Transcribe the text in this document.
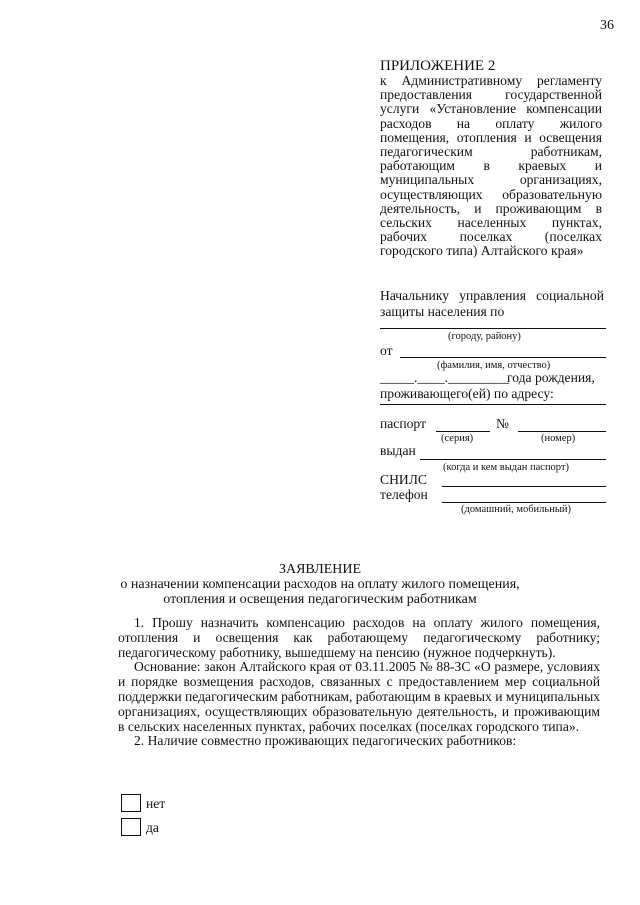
36
ПРИЛОЖЕНИЕ 2
к Административному регламенту предоставления государственной услуги «Установление компенсации расходов на оплату жилого помещения, отопления и освещения педагогическим работникам, работающим в краевых и муниципальных организациях, осуществляющих образовательную деятельность, и проживающим в сельских населенных пунктах, рабочих поселках (поселках городского типа) Алтайского края»
Начальнику управления социальной защиты населения по
(городу, району)
от
(фамилия, имя, отчество)
_____.____._________
года рождения,
проживающего(ей) по адресу:
паспорт	№
(серия)	(номер)
выдан
(когда и кем выдан паспорт)
СНИЛС
телефон
(домашний, мобильный)
ЗАЯВЛЕНИЕ
о назначении компенсации расходов на оплату жилого помещения,
отопления и освещения педагогическим работникам

1. Прошу назначить компенсацию расходов на оплату жилого помещения, отопления и освещения как работающему педагогическому работнику; педагогическому работнику, вышедшему на пенсию (нужное подчеркнуть).

Основание: закон Алтайского края от 03.11.2005 № 88-ЗС «О размере, условиях и порядке возмещения расходов, связанных с предоставлением мер социальной поддержки педагогическим работникам, работающим в краевых и муниципальных организациях, осуществляющих образовательную деятельность, и проживающим в сельских населенных пунктах, рабочих поселках (поселках городского типа».

2. Наличие совместно проживающих педагогических работников:

нет
да
